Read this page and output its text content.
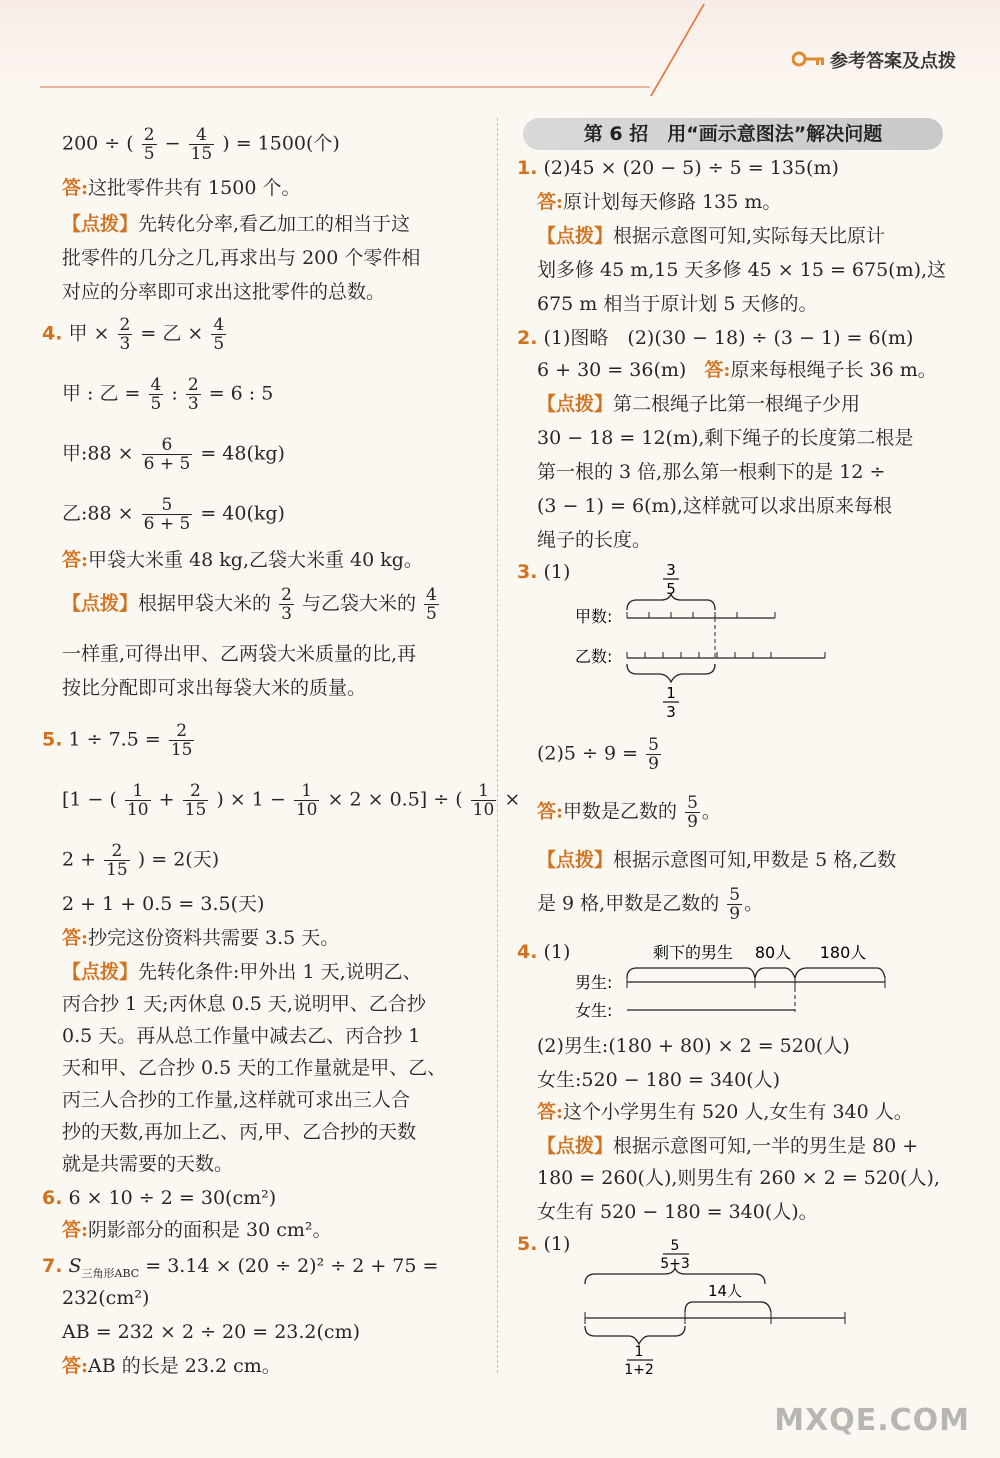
参考答案及点拨
200 ÷ ( $\frac{2}{5} - \frac{4}{15}$ ) = 1500(个)
答:这批零件共有 1500 个。
【点拨】先转化分率,看乙加工的相当于这
批零件的几分之几,再求出与 200 个零件相
对应的分率即可求出这批零件的总数。
4. 甲 × $\frac{2}{3}$ = 乙 × $\frac{4}{5}$
甲 : 乙 = $\frac{4}{5}$ : $\frac{2}{3} = 6$ : 5
甲:88 × $\frac{6}{6 + 5} = 48(kg)$
乙:88 × $\frac{5}{6 + 5} = 40(kg)$
答:甲袋大米重 48 kg,乙袋大米重 40 kg。
【点拨】根据甲袋大米的 $\frac{2}{3}$ 与乙袋大米的 $\frac{4}{5}$
一样重,可得出甲、乙两袋大米质量的比,再
按比分配即可求出每袋大米的质量。
5. $1 \div 7.5 = \frac{2}{15}$
[1 − ( $\frac{1}{10} + \frac{2}{15}$ ) × $1 - \frac{1}{10} \times 2 \times 0.5$] ÷ ( $\frac{1}{10}$ ×
$2 + \frac{2}{15}$ ) = 2(天)
2 + 1 + 0.5 = 3.5(天)
答:抄完这份资料共需要 3.5 天。
【点拨】先转化条件:甲外出 1 天,说明乙、
丙合抄 1 天;丙休息 0.5 天,说明甲、乙合抄
0.5 天。再从总工作量中减去乙、丙合抄 1
天和甲、乙合抄 0.5 天的工作量就是甲、乙、
丙三人合抄的工作量,这样就可求出三人合
抄的天数,再加上乙、丙,甲、乙合抄的天数
就是共需要的天数。
6. 6 × 10 ÷ 2 = 30(cm²)
答:阴影部分的面积是 30 cm²。
7. $S_{三角形ABC} = 3.14 \times (20 \div 2)^2 \div 2 + 75$ =
232(cm²)
AB = 232 × 2 ÷ 20 = 23.2(cm)
答:AB 的长是 23.2 cm。
第 6 招　用“画示意图法”解决问题
1. (2)45 × (20 − 5) ÷ 5 = 135(m)
答:原计划每天修路 135 m。
【点拨】根据示意图可知,实际每天比原计
划多修 45 m,15 天多修 45 × 15 = 675(m),这
675 m 相当于原计划 5 天修的。
2. (1)图略　(2)(30 − 18) ÷ (3 − 1) = 6(m)
6 + 30 = 36(m) 答:原来每根绳子长 36 m。
【点拨】第二根绳子比第一根绳子少用
30 − 18 = 12(m),剩下绳子的长度第二根是
第一根的 3 倍,那么第一根剩下的是 12 ÷
(3 − 1) = 6(m),这样就可以求出原来每根
绳子的长度。
3. (1)	3
5
甲数:
乙数:
1
3
$(2)5 \div 9 = \frac{5}{9}$
答:甲数是乙数的 $\frac{5}{9}$ 。
【点拨】根据示意图可知,甲数是 5 格,乙数
是 9 格,甲数是乙数的 $\frac{5}{9}$ 。
4. (1)	剩下的男生 80人 180人
男生:
女生:
(2)男生:(180 + 80) × 2 = 520(人)
女生:520 − 180 = 340(人)
答:这个小学男生有 520 人,女生有 340 人。
【点拨】根据示意图可知,一半的男生是 80 +
180 = 260(人),则男生有 260 × 2 = 520(人),
女生有 520 − 180 = 340(人)。
5. (1)	5
5+3
14人
1
1+2
MXQE.COM
